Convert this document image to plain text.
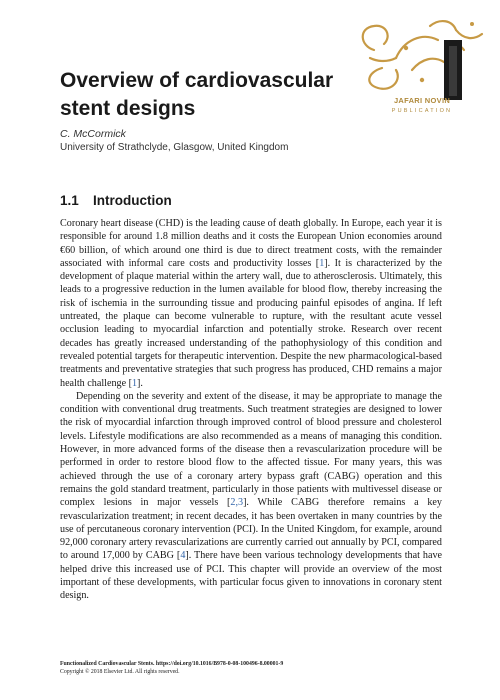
JAFARI NOVIN
PUBLICATION
Overview of cardiovascular stent designs
C. McCormick
University of Strathclyde, Glasgow, United Kingdom
1.1 Introduction

Coronary heart disease (CHD) is the leading cause of death globally. In Europe, each year it is responsible for around 1.8 million deaths and it costs the European Union economies around €60 billion, of which around one third is due to direct treatment costs, with the remainder associated with informal care costs and productivity losses [1]. It is characterized by the development of plaque material within the artery wall, due to atherosclerosis. Ultimately, this leads to a progressive reduction in the lumen available for blood flow, thereby increasing the risk of ischemia in the surrounding tissue and producing painful episodes of angina. If left untreated, the plaque can become vulnerable to rupture, with the resultant acute vessel occlusion leading to myocardial infarction and potentially stroke. Research over recent decades has greatly increased understanding of the pathophysiology of this condition and revealed potential targets for therapeutic intervention. Despite the new pharmacological-based treatments and preventative strategies that such progress has produced, CHD remains a major health challenge [1].

Depending on the severity and extent of the disease, it may be appropriate to manage the condition with conventional drug treatments. Such treatment strategies are designed to lower the risk of myocardial infarction through improved control of blood pressure and cholesterol levels. Lifestyle modifications are also recommended as a means of managing this condition. However, in more advanced forms of the disease then a revascularization procedure will be performed in order to restore blood flow to the affected tissue. For many years, this was achieved through the use of a coronary artery bypass graft (CABG) operation and this remains the gold standard treatment, particularly in those patients with multivessel disease or complex lesions in major vessels [2,3]. While CABG therefore remains a key revascularization treatment; in recent decades, it has been overtaken in many countries by the use of percutaneous coronary intervention (PCI). In the United Kingdom, for example, around 92,000 coronary artery revascularizations are currently carried out annually by PCI, compared to around 17,000 by CABG [4]. There have been various technology developments that have helped drive this increased use of PCI. This chapter will provide an overview of the most important of these developments, with particular focus given to innovations in coronary stent design.

Functionalized Cardiovascular Stents. https://doi.org/10.1016/B978-0-08-100496-8.00001-9
Copyright © 2018 Elsevier Ltd. All rights reserved.
